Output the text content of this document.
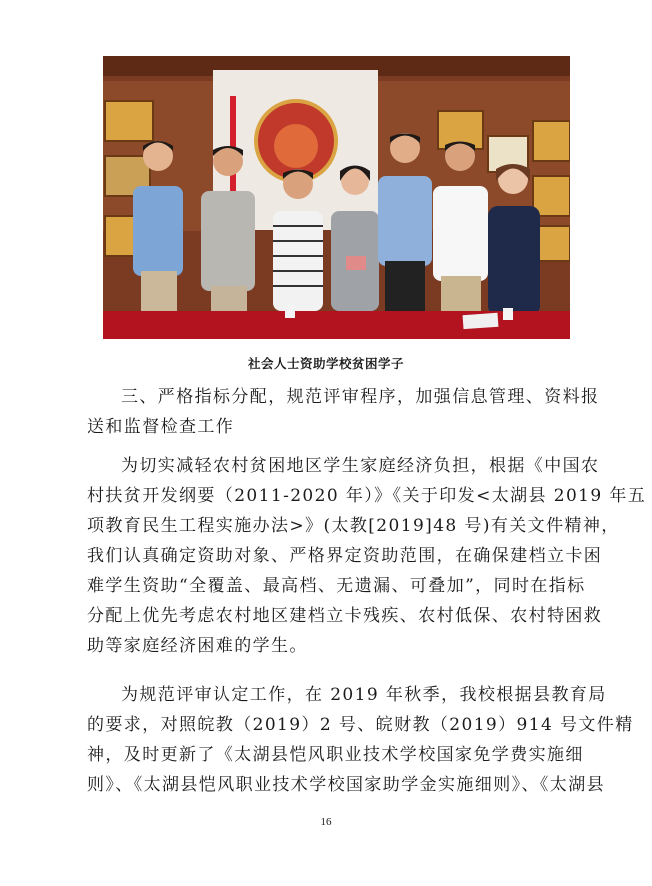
社会人士资助学校贫困学子
三、严格指标分配，规范评审程序，加强信息管理、资料报
送和监督检查工作
为切实减轻农村贫困地区学生家庭经济负担，根据《中国农
村扶贫开发纲要（2011-2020 年）》《关于印发<太湖县 2019 年五
项教育民生工程实施办法>》(太教[2019]48 号)有关文件精神，
我们认真确定资助对象、严格界定资助范围，在确保建档立卡困
难学生资助“全覆盖、最高档、无遗漏、可叠加”，同时在指标
分配上优先考虑农村地区建档立卡残疾、农村低保、农村特困救
助等家庭经济困难的学生。
为规范评审认定工作，在 2019 年秋季，我校根据县教育局
的要求，对照皖教（2019）2 号、皖财教（2019）914 号文件精
神，及时更新了《太湖县恺风职业技术学校国家免学费实施细
则》、《太湖县恺风职业技术学校国家助学金实施细则》、《太湖县
16
